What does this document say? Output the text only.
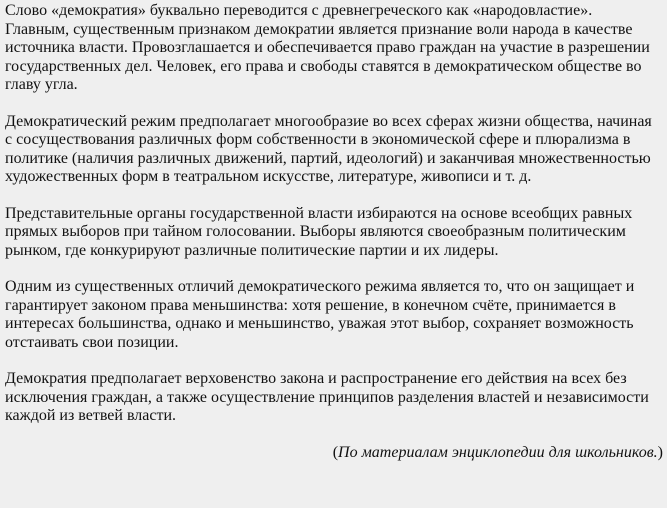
Слово «демократия» буквально переводится с древнегреческого как «народовластие».
Главным, существенным признаком демократии является признание воли народа в качестве
источника власти. Провозглашается и обеспечивается право граждан на участие в разрешении
государственных дел. Человек, его права и свободы ставятся в демократическом обществе во
главу угла.

Демократический режим предполагает многообразие во всех сферах жизни общества, начиная
с сосуществования различных форм собственности в экономической сфере и плюрализма в
политике (наличия различных движений, партий, идеологий) и заканчивая множественностью
художественных форм в театральном искусстве, литературе, живописи и т. д.

Представительные органы государственной власти избираются на основе всеобщих равных
прямых выборов при тайном голосовании. Выборы являются своеобразным политическим
рынком, где конкурируют различные политические партии и их лидеры.

Одним из существенных отличий демократического режима является то, что он защищает и
гарантирует законом права меньшинства: хотя решение, в конечном счёте, принимается в
интересах большинства, однако и меньшинство, уважая этот выбор, сохраняет возможность
отстаивать свои позиции.

Демократия предполагает верховенство закона и распространение его действия на всех без
исключения граждан, а также осуществление принципов разделения властей и независимости
каждой из ветвей власти.

(По материалам энциклопедии для школьников.)
